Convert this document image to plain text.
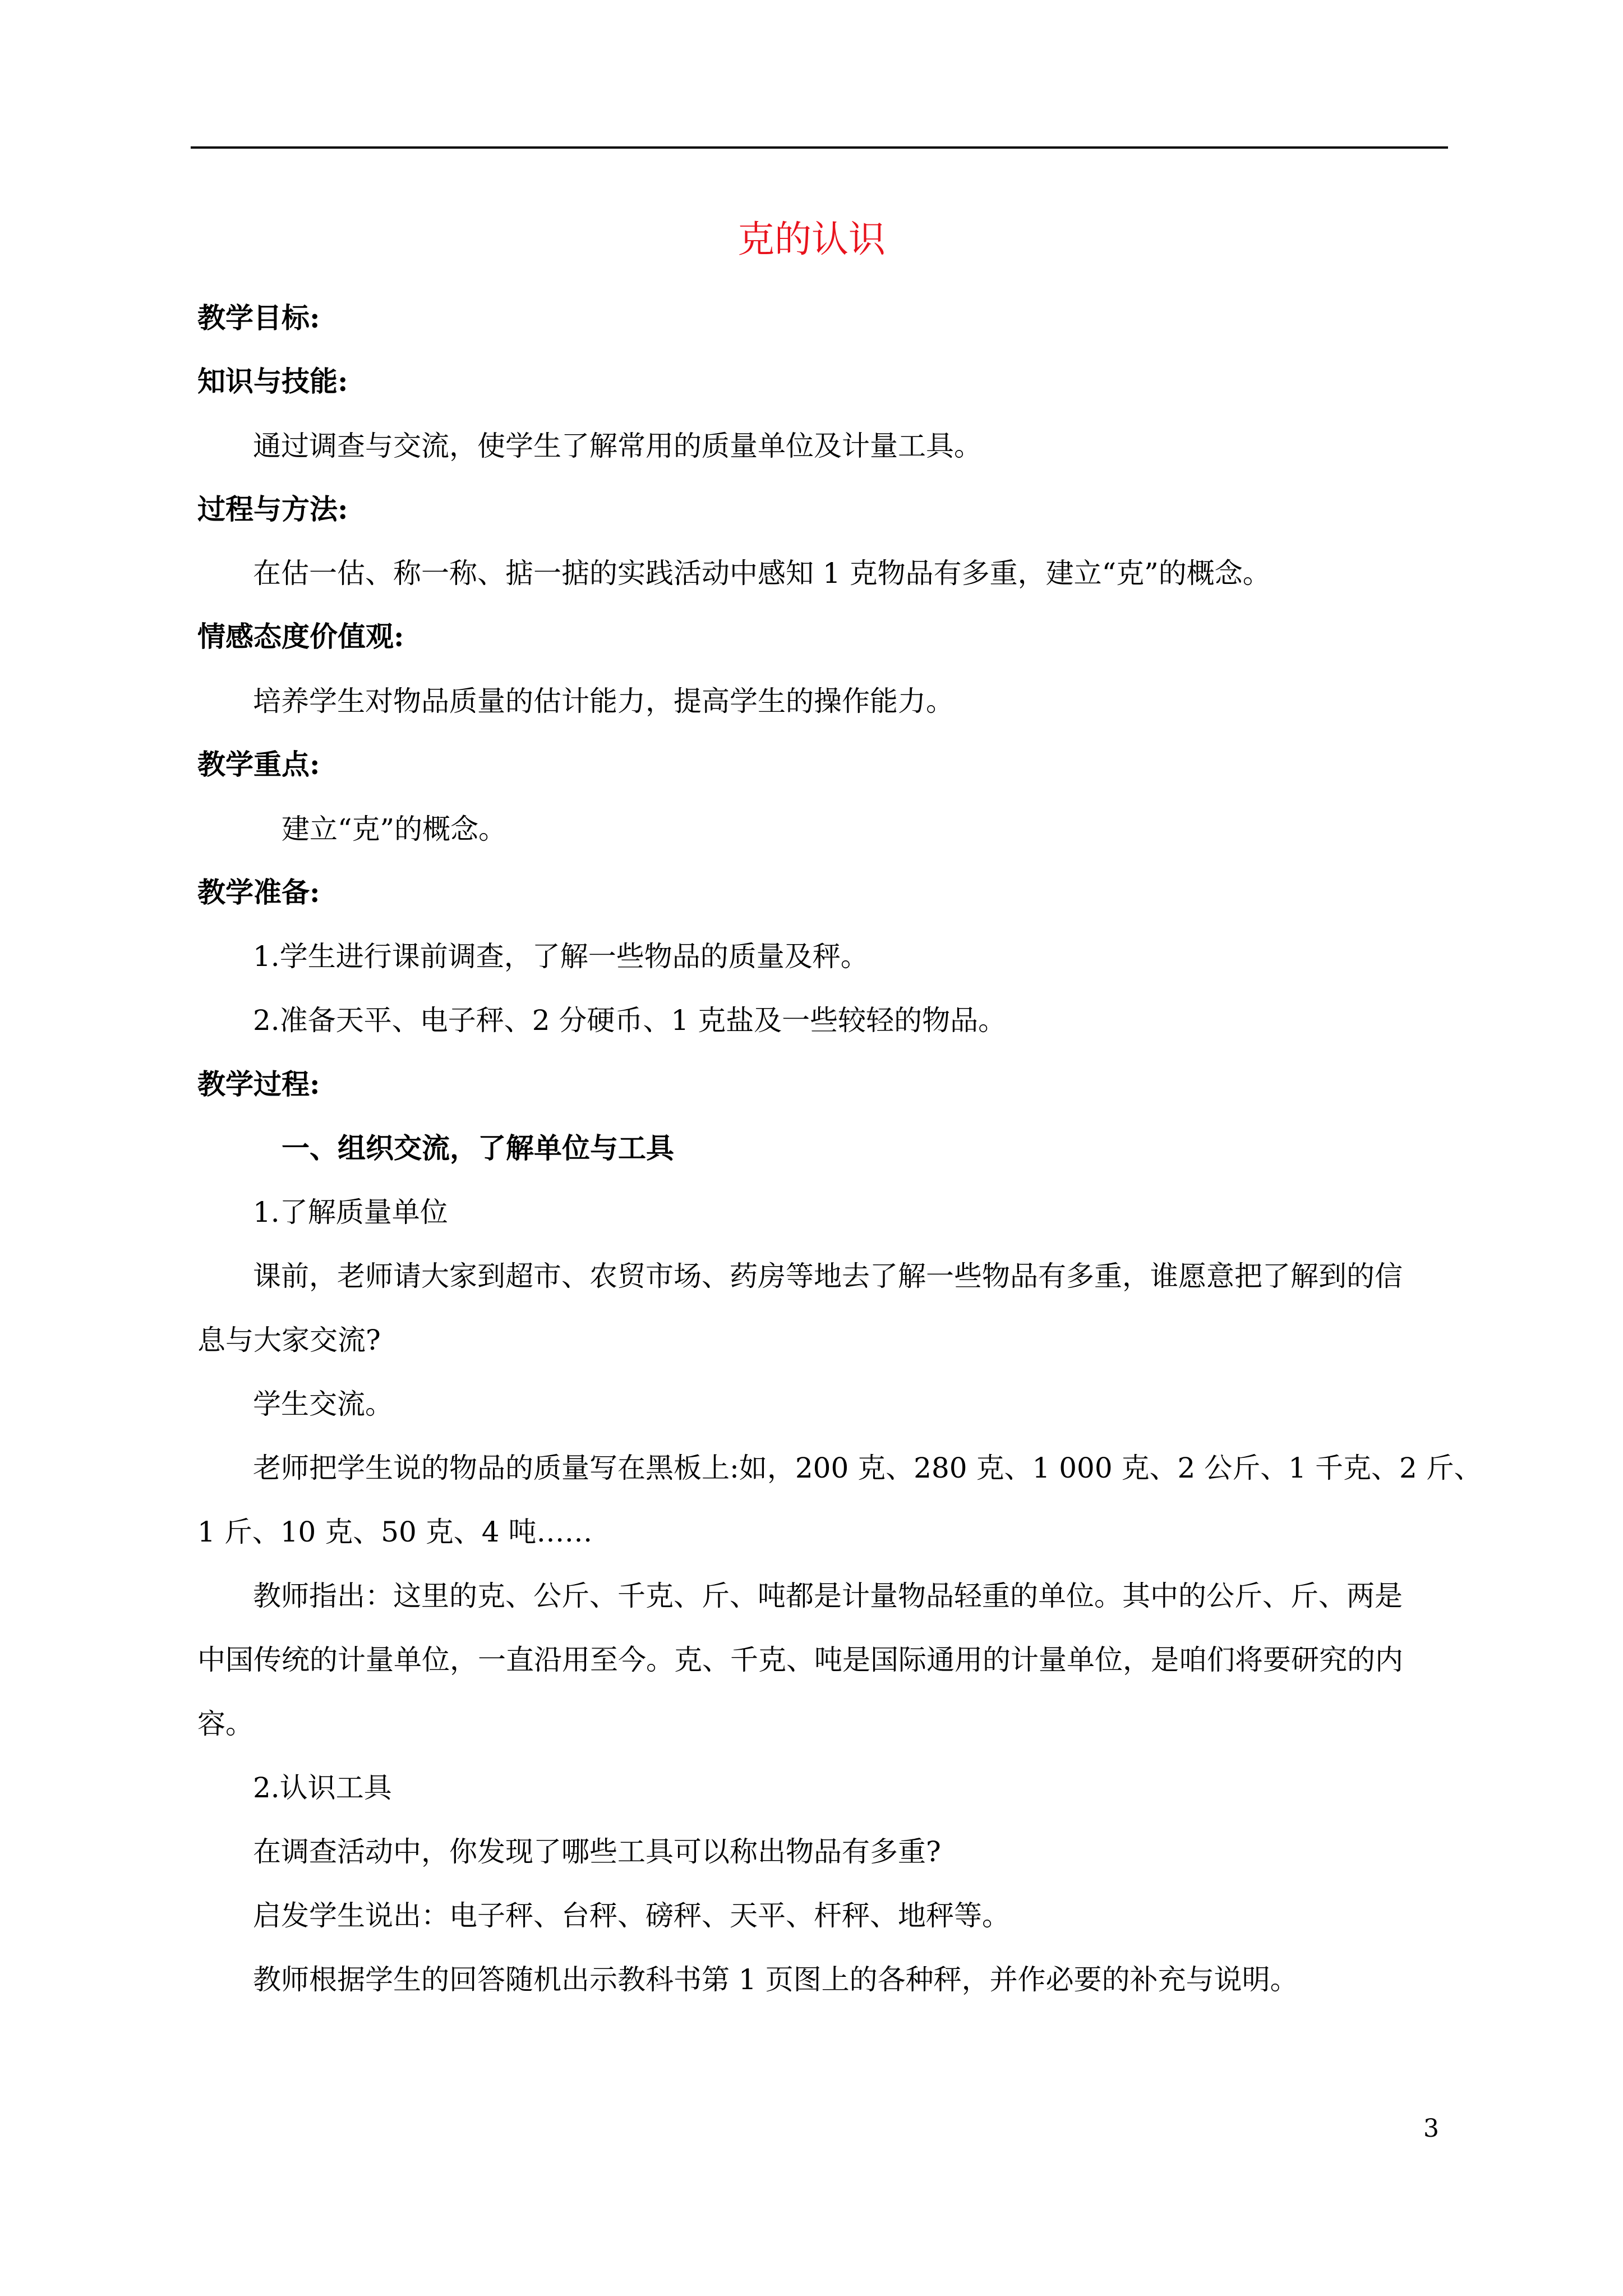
克的认识
教学目标:
知识与技能:
通过调查与交流，使学生了解常用的质量单位及计量工具。
过程与方法:
在估一估、称一称、掂一掂的实践活动中感知 1 克物品有多重，建立“克”的概念。
情感态度价值观:
培养学生对物品质量的估计能力，提高学生的操作能力。
教学重点:
建立“克”的概念。
教学准备:
1.学生进行课前调查，了解一些物品的质量及秤。
2.准备天平、电子秤、2 分硬币、1 克盐及一些较轻的物品。
教学过程:
一、组织交流，了解单位与工具
1.了解质量单位
课前，老师请大家到超市、农贸市场、药房等地去了解一些物品有多重，谁愿意把了解到的信
息与大家交流?
学生交流。
老师把学生说的物品的质量写在黑板上:如，200 克、280 克、1 000 克、2 公斤、1 千克、2 斤、
1 斤、10 克、50 克、4 吨……
教师指出：这里的克、公斤、千克、斤、吨都是计量物品轻重的单位。其中的公斤、斤、两是
中国传统的计量单位，一直沿用至今。克、千克、吨是国际通用的计量单位，是咱们将要研究的内
容。
2.认识工具
在调查活动中，你发现了哪些工具可以称出物品有多重?
启发学生说出：电子秤、台秤、磅秤、天平、杆秤、地秤等。
教师根据学生的回答随机出示教科书第 1 页图上的各种秤，并作必要的补充与说明。
3
